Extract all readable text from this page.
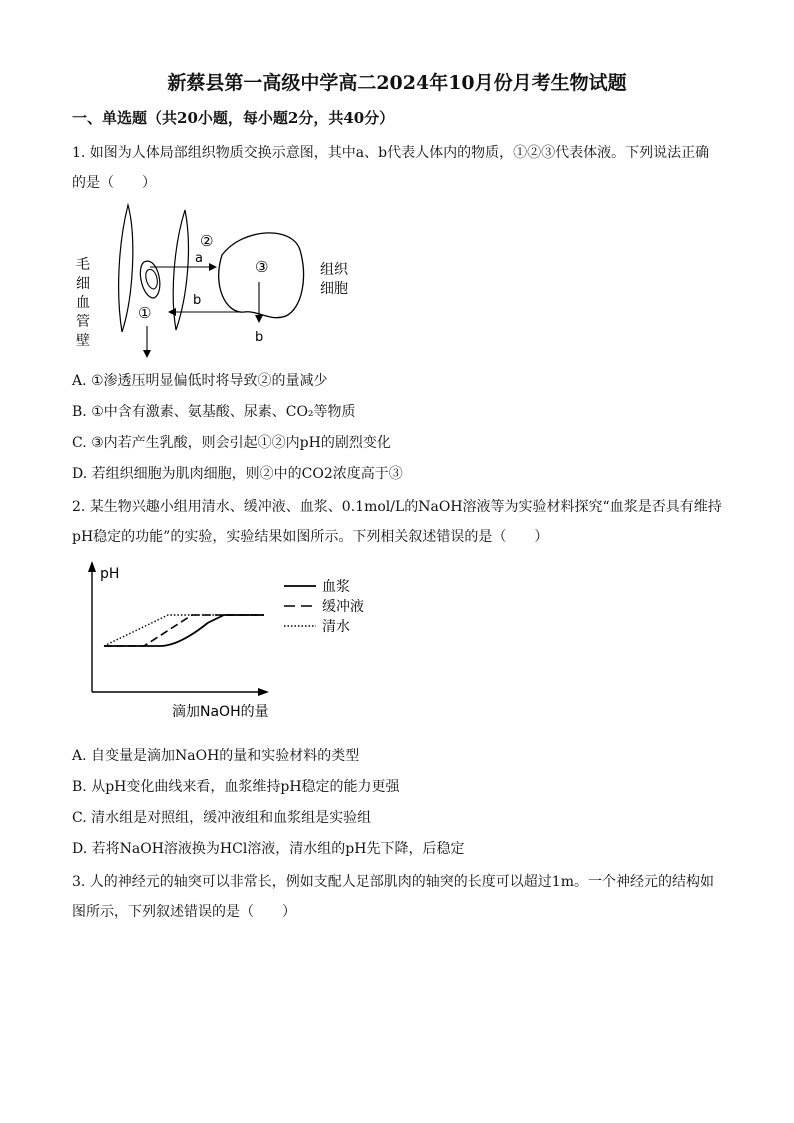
新蔡县第一高级中学高二2024年10月份月考生物试题
一、单选题（共20小题，每小题2分，共40分）
1. 如图为人体局部组织物质交换示意图，其中a、b代表人体内的物质，①②③代表体液。下列说法正确
的是（　　）
②
a	③
b
①
b
组织
细胞
毛
细
血
管
壁
A. ①渗透压明显偏低时将导致②的量减少
B. ①中含有激素、氨基酸、尿素、CO₂等物质
C. ③内若产生乳酸，则会引起①②内pH的剧烈变化
D. 若组织细胞为肌肉细胞，则②中的CO2浓度高于③
2. 某生物兴趣小组用清水、缓冲液、血浆、0.1mol/L的NaOH溶液等为实验材料探究“血浆是否具有维持
pH稳定的功能”的实验，实验结果如图所示。下列相关叙述错误的是（　　）
pH
滴加NaOH的量
血浆
缓冲液
清水
A. 自变量是滴加NaOH的量和实验材料的类型
B. 从pH变化曲线来看，血浆维持pH稳定的能力更强
C. 清水组是对照组，缓冲液组和血浆组是实验组
D. 若将NaOH溶液换为HCl溶液，清水组的pH先下降，后稳定
3. 人的神经元的轴突可以非常长，例如支配人足部肌肉的轴突的长度可以超过1m。一个神经元的结构如
图所示，下列叙述错误的是（　　）
